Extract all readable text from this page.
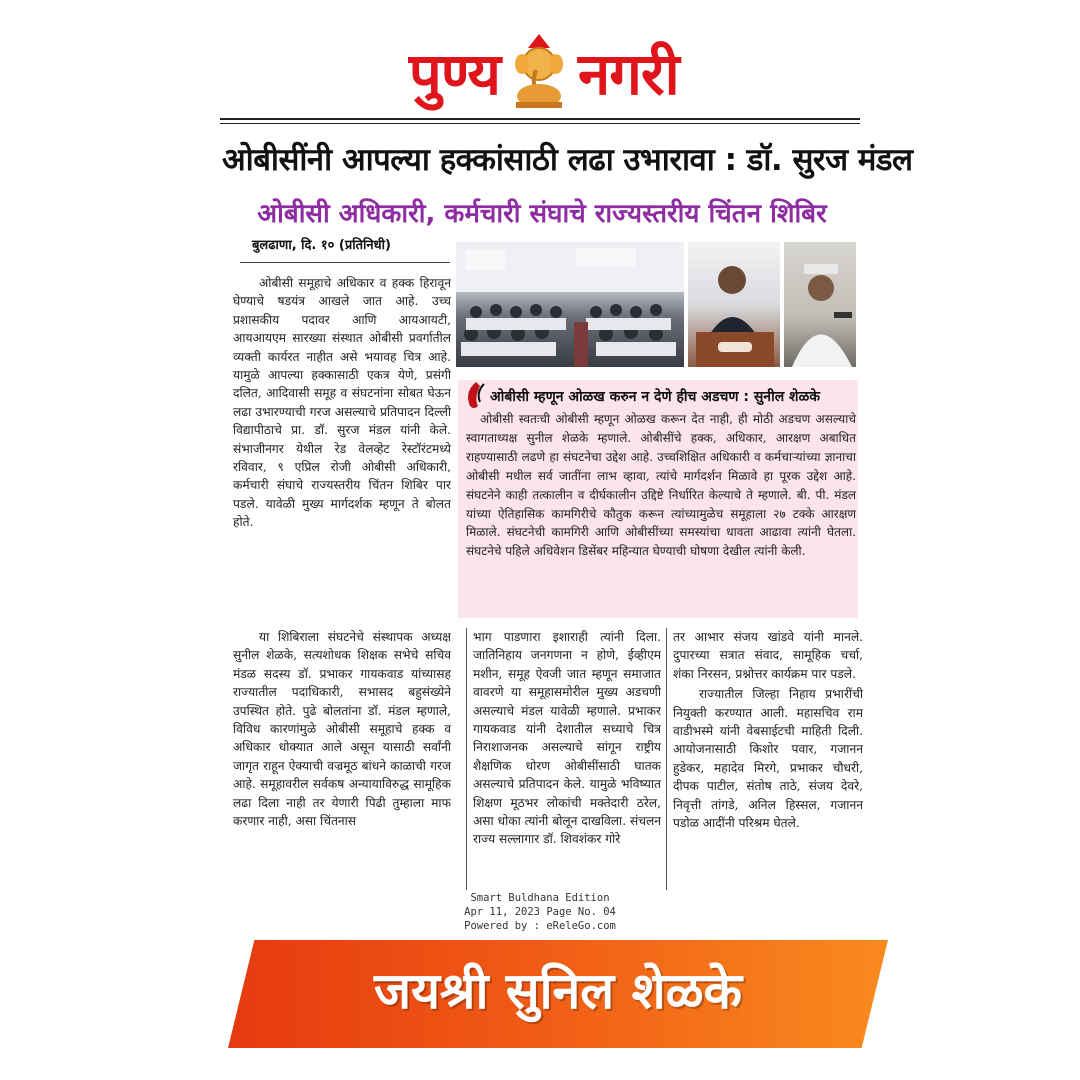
पुण्य नगरी
ओबीसींनी आपल्या हक्कांसाठी लढा उभारावा : डॉ. सुरज मंडल
ओबीसी अधिकारी, कर्मचारी संघाचे राज्यस्तरीय चिंतन शिबिर
बुलढाणा, दि. १० (प्रतिनिधी)

ओबीसी समूहाचे अधिकार व हक्क हिरावून घेण्याचे षडयंत्र आखले जात आहे. उच्च प्रशासकीय पदावर आणि आयआयटी, आयआयएम सारख्या संस्थात ओबीसी प्रवर्गातील व्यक्ती कार्यरत नाहीत असे भयावह चित्र आहे. यामुळे आपल्या हक्कासाठी एकत्र येणे, प्रसंगी दलित, आदिवासी समूह व संघटनांना सोबत घेऊन लढा उभारण्याची गरज असल्याचे प्रतिपादन दिल्ली विद्यापीठाचे प्रा. डॉ. सुरज मंडल यांनी केले. संभाजीनगर येथील रेड वेलव्हेट रेस्टॉरंटमध्ये रविवार, ९ एप्रिल रोजी ओबीसी अधिकारी, कर्मचारी संघाचे राज्यस्तरीय चिंतन शिबिर पार पडले. यावेळी मुख्य मार्गदर्शक म्हणून ते बोलत होते.

ओबीसी म्हणून ओळख करुन न देणे हीच अडचण : सुनील शेळके

ओबीसी स्वतःची ओबीसी म्हणून ओळख करून देत नाही, ही मोठी अडचण असल्याचे स्वागताध्यक्ष सुनील शेळके म्हणाले. ओबीसींचे हक्क, अधिकार, आरक्षण अबाधित राहण्यासाठी लढणे हा संघटनेचा उद्देश आहे. उच्चशिक्षित अधिकारी व कर्मचाऱ्यांच्या ज्ञानाचा ओबीसी मधील सर्व जातींना लाभ व्हावा, त्यांचे मार्गदर्शन मिळावे हा पूरक उद्देश आहे. संघटनेने काही तत्कालीन व दीर्घकालीन उद्दिष्टे निर्धारित केल्याचे ते म्हणाले. बी. पी. मंडल यांच्या ऐतिहासिक कामगिरीचे कौतुक करून त्यांच्यामुळेच समूहाला २७ टक्के आरक्षण मिळाले. संघटनेची कामगिरी आणि ओबीसींच्या समस्यांचा धावता आढावा त्यांनी घेतला. संघटनेचे पहिले अधिवेशन डिसेंबर महिन्यात घेण्याची घोषणा देखील त्यांनी केली.

या शिबिराला संघटनेचे संस्थापक अध्यक्ष सुनील शेळके, सत्यशोधक शिक्षक सभेचे सचिव मंडळ सदस्य डॉ. प्रभाकर गायकवाड यांच्यासह राज्यातील पदाधिकारी, सभासद बहुसंख्येने उपस्थित होते. पुढे बोलतांना डॉ. मंडल म्हणाले, विविध कारणांमुळे ओबीसी समूहाचे हक्क व अधिकार धोक्यात आले असून यासाठी सर्वांनी जागृत राहून ऐक्याची वज्रमूठ बांधने काळाची गरज आहे. समूहावरील सर्वकष अन्यायाविरुद्ध सामूहिक लढा दिला नाही तर येणारी पिढी तुम्हाला माफ करणार नाही, असा चिंतनास

भाग पाडणारा इशाराही त्यांनी दिला. जातिनिहाय जनगणना न होणे, ईव्हीएम मशीन, समूह ऐवजी जात म्हणून समाजात वावरणे या समूहासमोरील मुख्य अडचणी असल्याचे मंडल यावेळी म्हणाले. प्रभाकर गायकवाड यांनी देशातील सध्याचे चित्र निराशाजनक असल्याचे सांगून राष्ट्रीय शैक्षणिक धोरण ओबीसींसाठी घातक असल्याचे प्रतिपादन केले. यामुळे भविष्यात शिक्षण मूठभर लोकांची मक्तेदारी ठरेल, असा धोका त्यांनी बोलून दाखविला. संचलन राज्य सल्लागार डॉ. शिवशंकर गोरे

तर आभार संजय खांडवे यांनी मानले. दुपारच्या सत्रात संवाद, सामूहिक चर्चा, शंका निरसन, प्रश्नोत्तर कार्यक्रम पार पडले.

राज्यातील जिल्हा निहाय प्रभारींची नियुक्ती करण्यात आली. महासचिव राम वाडीभस्मे यांनी वेबसाईटची माहिती दिली. आयोजनासाठी किशोर पवार, गजानन हुडेकर, महादेव मिरगे, प्रभाकर चौधरी, दीपक पाटील, संतोष ताठे, संजय देवरे, निवृत्ती तांगडे, अनिल हिस्सल, गजानन पडोळ आदींनी परिश्रम घेतले.

Smart Buldhana Edition
Apr 11, 2023 Page No. 04
Powered by : eReleGo.com
जयश्री सुनिल शेळके
